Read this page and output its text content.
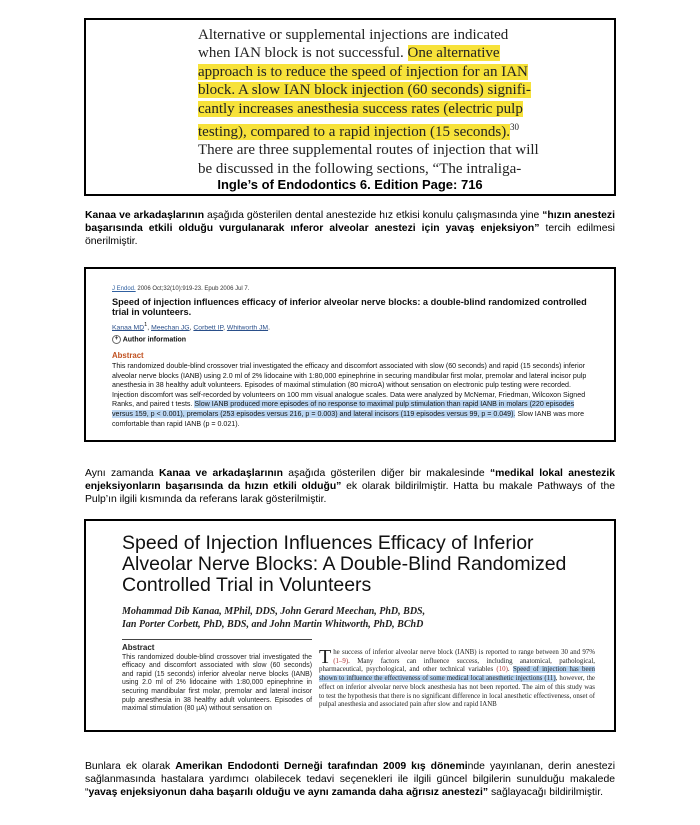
Alternative or supplemental injections are indicated
when IAN block is not successful. One alternative
approach is to reduce the speed of injection for an IAN
block. A slow IAN block injection (60 seconds) signifi-
cantly increases anesthesia success rates (electric pulp
testing), compared to a rapid injection (15 seconds).$^{30}$
There are three supplemental routes of injection that will
be discussed in the following sections, “The intraliga-
Ingle’s of Endodontics 6. Edition Page: 716
Kanaa ve arkadaşlarının aşağıda gösterilen dental anestezide hız etkisi konulu çalışmasında yine “hızın anestezi başarısında etkili olduğu vurgulanarak ınferor alveolar anestezi için yavaş enjeksiyon” tercih edilmesi önerilmiştir.
J Endod. 2006 Oct;32(10):919-23. Epub 2006 Jul 7.
Speed of injection influences efficacy of inferior alveolar nerve blocks: a double-blind randomized controlled trial in volunteers.
Kanaa $MD^1$, Meechan JG, Corbett IP, Whitworth JM.
+ Author information
Abstract
This randomized double-blind crossover trial investigated the efficacy and discomfort associated with slow (60 seconds) and rapid (15 seconds) inferior alveolar nerve blocks (IANB) using 2.0 ml of 2% lidocaine with 1:80,000 epinephrine in securing mandibular first molar, premolar and lateral incisor pulp anesthesia in 38 healthy adult volunteers. Episodes of maximal stimulation (80 microA) without sensation on electronic pulp testing were recorded. Injection discomfort was self-recorded by volunteers on 100 mm visual analogue scales. Data were analyzed by McNemar, Friedman, Wilcoxon Signed Ranks, and paired t tests. Slow IANB produced more episodes of no response to maximal pulp stimulation than rapid IANB in molars (220 episodes versus 159, p < 0.001), premolars (253 episodes versus 216, p = 0.003) and lateral incisors (119 episodes versus 99, p = 0.049). Slow IANB was more comfortable than rapid IANB (p = 0.021).
Aynı zamanda Kanaa ve arkadaşlarının aşağıda gösterilen diğer bir makalesinde “medikal lokal anestezik enjeksiyonların başarısında da hızın etkili olduğu” ek olarak bildirilmiştir. Hatta bu makale Pathways of the Pulp’ın ilgili kısmında da referans larak gösterilmiştir.
Speed of Injection Influences Efficacy of Inferior Alveolar Nerve Blocks: A Double-Blind Randomized Controlled Trial in Volunteers
Mohammad Dib Kanaa, MPhil, DDS, John Gerard Meechan, PhD, BDS,
Ian Porter Corbett, PhD, BDS, and John Martin Whitworth, PhD, BChD
Abstract
This randomized double-blind crossover trial investigated the efficacy and discomfort associated with slow (60 seconds) and rapid (15 seconds) inferior alveolar nerve blocks (IANB) using 2.0 ml of 2% lidocaine with 1:80,000 epinephrine in securing mandibular first molar, premolar and lateral incisor pulp anesthesia in 38 healthy adult volunteers. Episodes of maximal stimulation (80 µA) without sensation on
The success of inferior alveolar nerve block (IANB) is reported to range between 30 and 97% (1–9). Many factors can influence success, including anatomical, pathological, pharmaceutical, psychological, and other technical variables (10). Speed of injection has been shown to influence the effectiveness of some medical local anesthetic injections (11), however, the effect on inferior alveolar nerve block anesthesia has not been reported. The aim of this study was to test the hypothesis that there is no significant difference in local anesthetic effectiveness, onset of pulpal anesthesia and associated pain after slow and rapid IANB
Bunlara ek olarak Amerikan Endodonti Derneği tarafından 2009 kış döneminde yayınlanan, derin anestezi sağlanmasında hastalara yardımcı olabilecek tedavi seçenekleri ile ilgili güncel bilgilerin sunulduğu makalede “yavaş enjeksiyonun daha başarılı olduğu ve aynı zamanda daha ağrısız anestezi” sağlayacağı bildirilmiştir.
